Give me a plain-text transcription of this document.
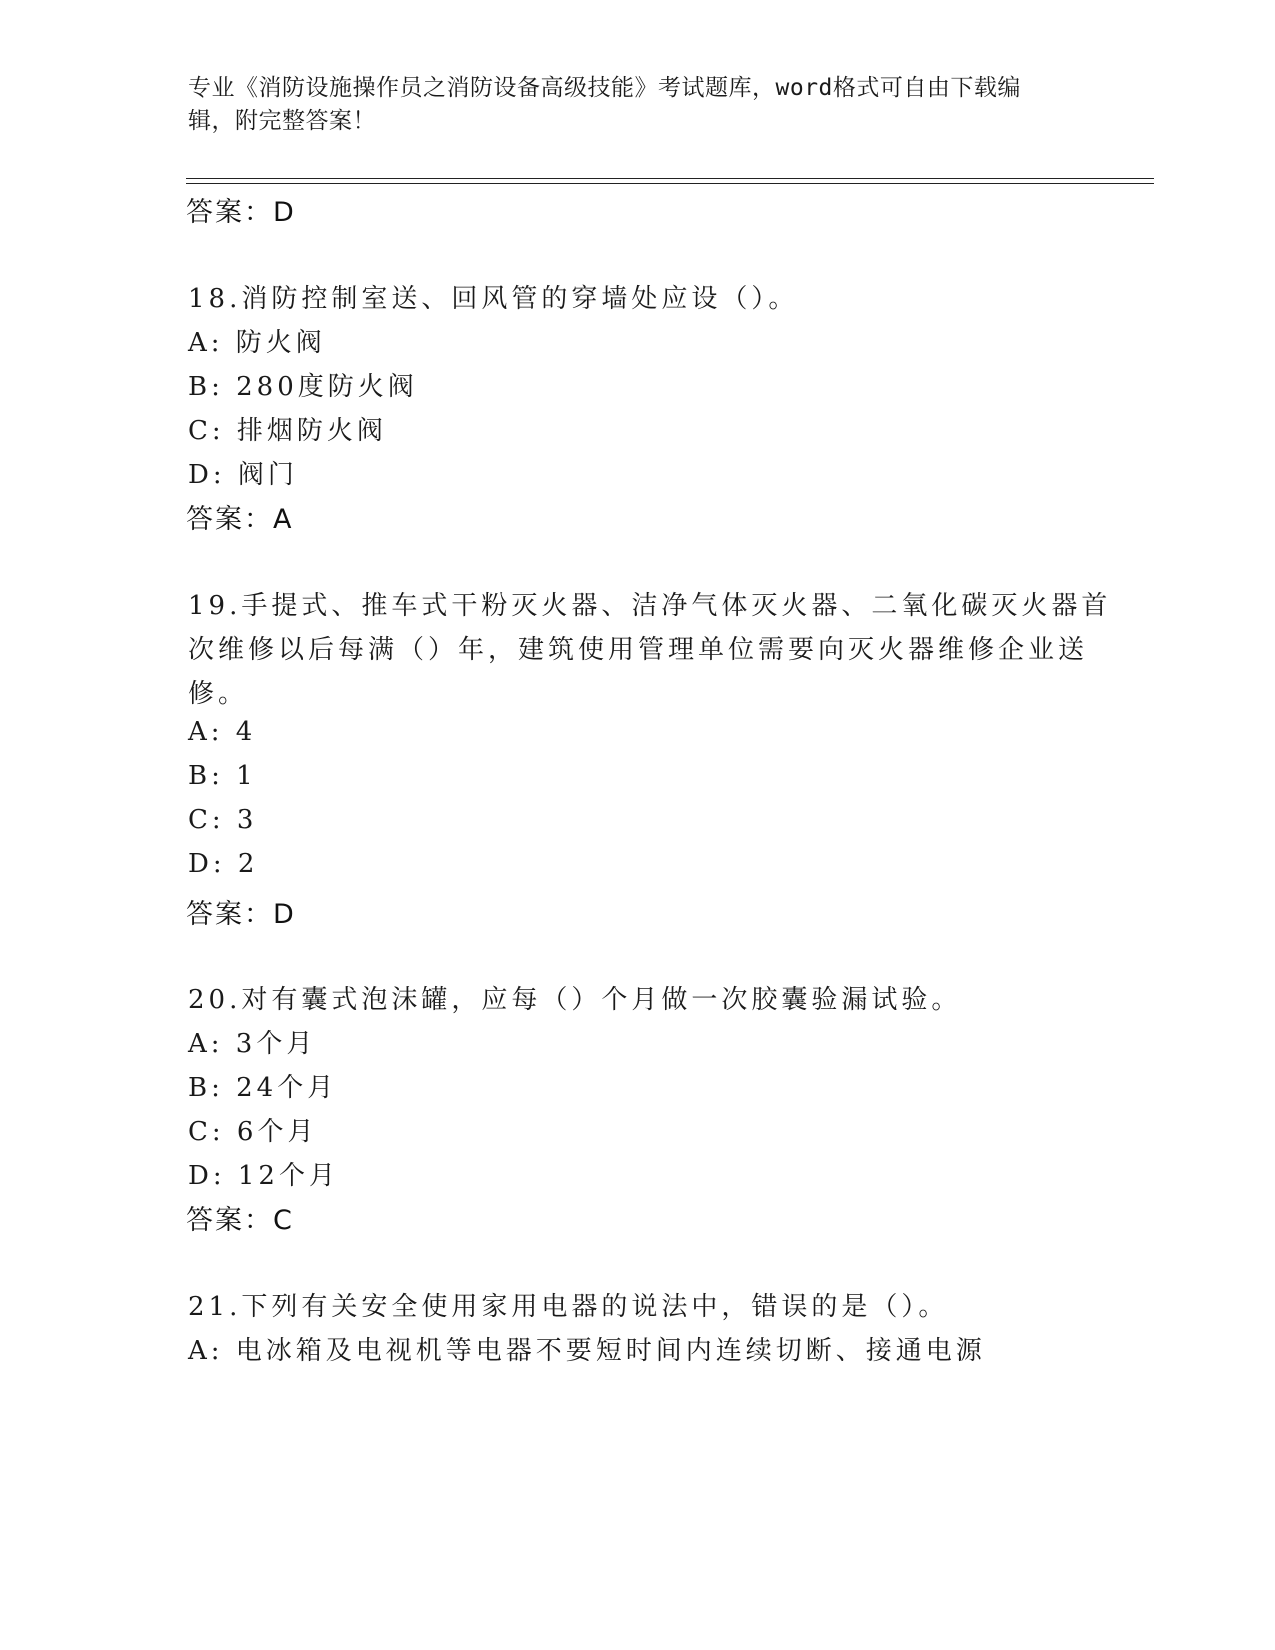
专业《消防设施操作员之消防设备高级技能》考试题库，word格式可自由下载编
辑，附完整答案！
答案：D
18.消防控制室送、回风管的穿墙处应设（）。
A: 防火阀
B: 280度防火阀
C: 排烟防火阀
D: 阀门
答案：A
19.手提式、推车式干粉灭火器、洁净气体灭火器、二氧化碳灭火器首
次维修以后每满（）年，建筑使用管理单位需要向灭火器维修企业送
修。
A: 4
B: 1
C: 3
D: 2
答案：D
20.对有囊式泡沫罐，应每（）个月做一次胶囊验漏试验。
A: 3个月
B: 24个月
C: 6个月
D: 12个月
答案：C
21.下列有关安全使用家用电器的说法中，错误的是（）。
A: 电冰箱及电视机等电器不要短时间内连续切断、接通电源
